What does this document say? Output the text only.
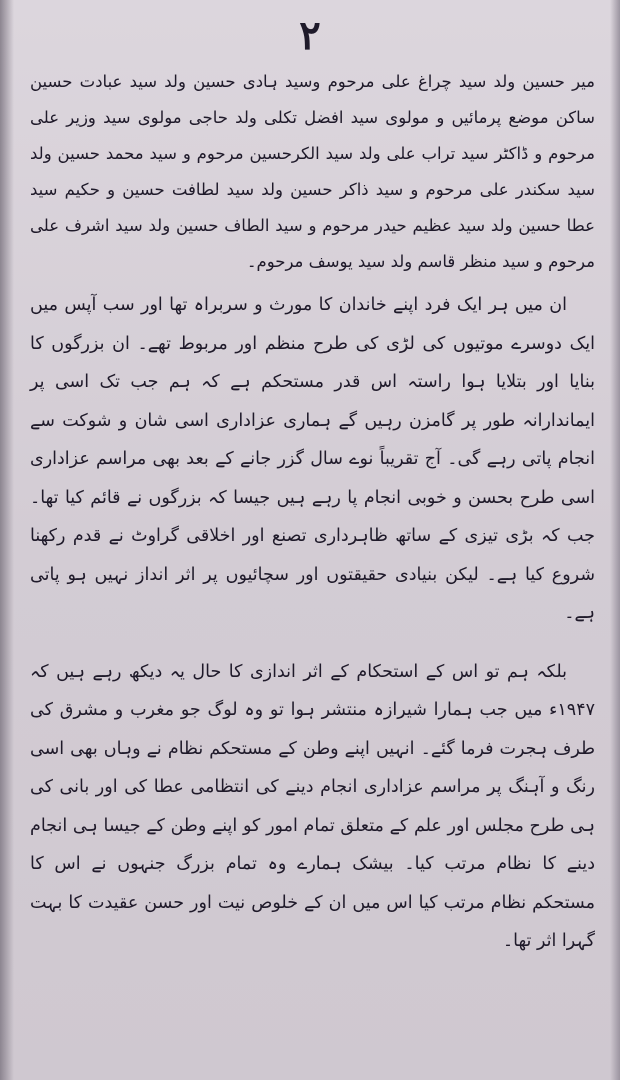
۲

میر حسین ولد سید چراغ علی مرحوم وسید ہادی حسین ولد سید عبادت حسین ساکن موضع پرمائیں و مولوی سید افضل تکلی ولد حاجی مولوی سید وزیر علی مرحوم و ڈاکٹر سید تراب علی ولد سید الکرحسین مرحوم و سید محمد حسین ولد سید سکندر علی مرحوم و سید ذاکر حسین ولد سید لطافت حسین و حکیم سید عطا حسین ولد سید عظیم حیدر مرحوم و سید الطاف حسین ولد سید اشرف علی مرحوم و سید منظر قاسم ولد سید یوسف مرحوم۔

ان میں ہر ایک فرد اپنے خاندان کا مورث و سربراہ تھا اور سب آپس میں ایک دوسرے موتیوں کی لڑی کی طرح منظم اور مربوط تھے۔ ان بزرگوں کا بنایا اور بتلایا ہوا راستہ اس قدر مستحکم ہے کہ ہم جب تک اسی پر ایماندارانہ طور پر گامزن رہیں گے ہماری عزاداری اسی شان و شوکت سے انجام پاتی رہے گی۔ آج تقریباً نوے سال گزر جانے کے بعد بھی مراسم عزاداری اسی طرح بحسن و خوبی انجام پا رہے ہیں جیسا کہ بزرگوں نے قائم کیا تھا۔ جب کہ بڑی تیزی کے ساتھ ظاہرداری تصنع اور اخلاقی گراوٹ نے قدم رکھنا شروع کیا ہے۔ لیکن بنیادی حقیقتوں اور سچائیوں پر اثر انداز نہیں ہو پاتی ہے۔

بلکہ ہم تو اس کے استحکام کے اثر اندازی کا حال یہ دیکھ رہے ہیں کہ ۱۹۴۷ء میں جب ہمارا شیرازہ منتشر ہوا تو وہ لوگ جو مغرب و مشرق کی طرف ہجرت فرما گئے۔ انہیں اپنے وطن کے مستحکم نظام نے وہاں بھی اسی رنگ و آہنگ پر مراسم عزاداری انجام دینے کی انتظامی عطا کی اور بانی کی ہی طرح مجلس اور علم کے متعلق تمام امور کو اپنے وطن کے جیسا ہی انجام دینے کا نظام مرتب کیا۔ بیشک ہمارے وہ تمام بزرگ جنہوں نے اس کا مستحکم نظام مرتب کیا اس میں ان کے خلوص نیت اور حسن عقیدت کا بہت گہرا اثر تھا۔
